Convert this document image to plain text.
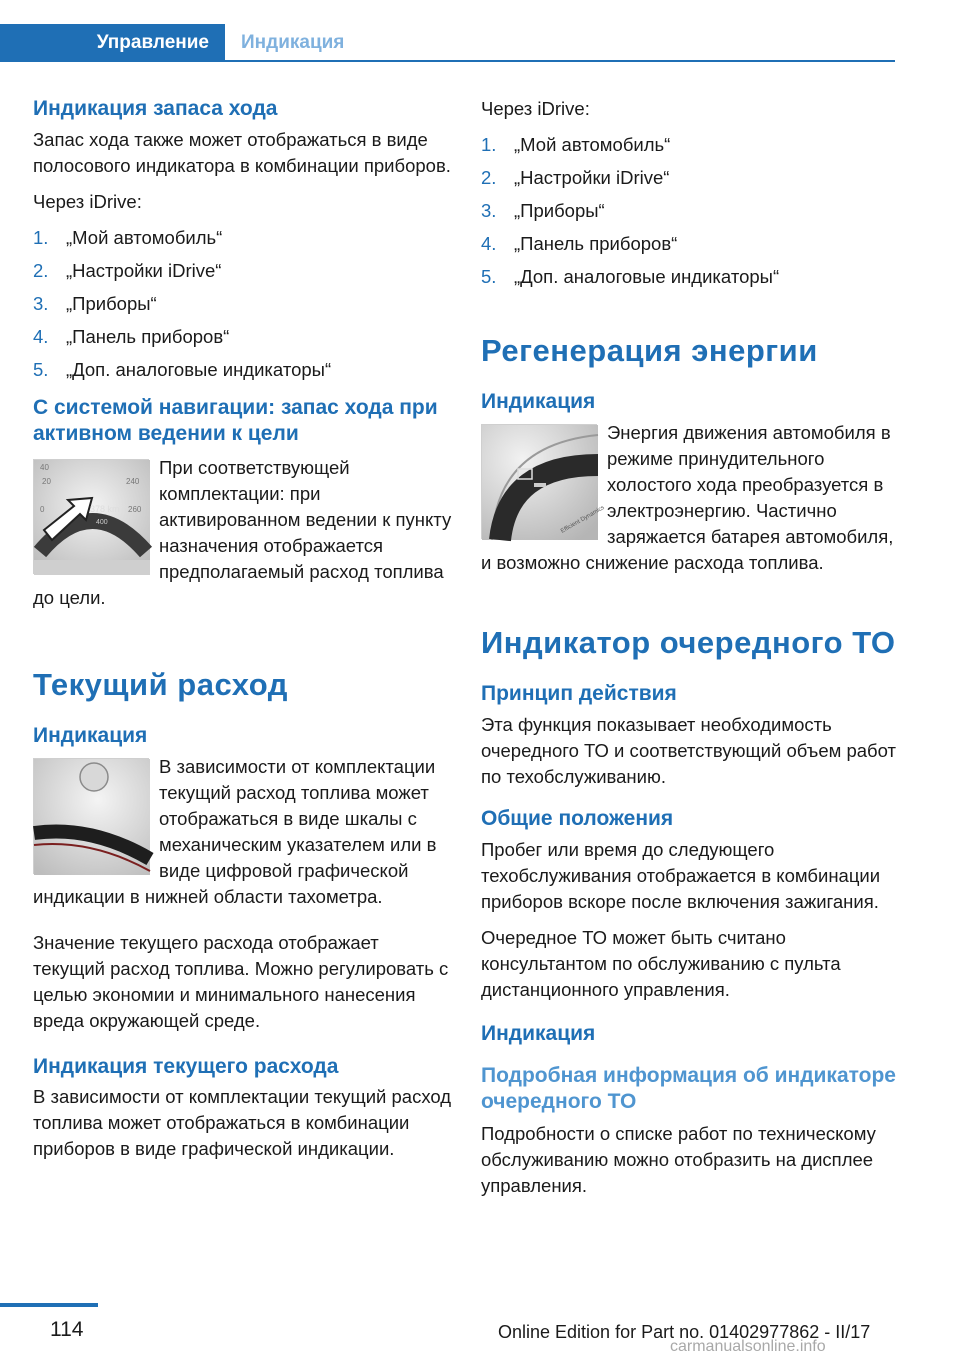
Управление	Индикация
Индикация запаса хода
Запас хода также может отображаться в виде полосового индикатора в комбинации приборов.
Через iDrive:
1. „Мой автомобиль“
2. „Настройки iDrive“
3. „Приборы“
4. „Панель приборов“
5. „Доп. аналоговые индикаторы“
С системой навигации: запас хода при активном ведении к цели
40
20
0
240
260
378 km
400
При соответствующей комплектации: при активированном ведении к пункту назначения отображается предполагаемый расход топлива до цели.
Текущий расход
Индикация
В зависимости от комплектации текущий расход топлива может отображаться в виде шкалы с механическим указателем или в виде цифровой графической индикации в нижней области тахометра.
Значение текущего расхода отображает текущий расход топлива. Можно регулировать с целью экономии и минимального нанесения вреда окружающей среде.
Индикация текущего расхода
В зависимости от комплектации текущий расход топлива может отображаться в комбинации приборов в виде графической индикации.
Через iDrive:
1. „Мой автомобиль“
2. „Настройки iDrive“
3. „Приборы“
4. „Панель приборов“
5. „Доп. аналоговые индикаторы“
Регенерация энергии
Индикация
Efficient Dynamics
Энергия движения автомобиля в режиме принудительного холостого хода преобразуется в электроэнергию. Частично заряжается батарея автомобиля, и возможно снижение расхода топлива.
Индикатор очередного ТО
Принцип действия
Эта функция показывает необходимость очередного ТО и соответствующий объем работ по техобслуживанию.
Общие положения
Пробег или время до следующего техобслуживания отображается в комбинации приборов вскоре после включения зажигания.
Очередное ТО может быть считано консультантом по обслуживанию с пульта дистанционного управления.
Индикация
Подробная информация об индикаторе очередного ТО
Подробности о списке работ по техническому обслуживанию можно отобразить на дисплее управления.
114	Online Edition for Part no. 01402977862 - II/17
carmanualsonline.info
